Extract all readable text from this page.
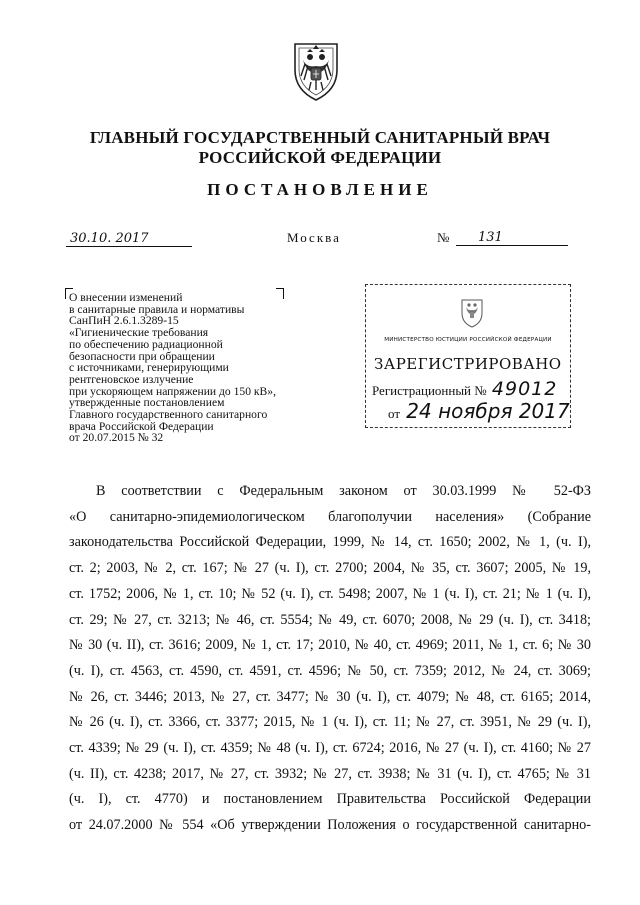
ГЛАВНЫЙ ГОСУДАРСТВЕННЫЙ САНИТАРНЫЙ ВРАЧ
РОССИЙСКОЙ ФЕДЕРАЦИИ
ПОСТАНОВЛЕНИЕ
30.10. 2017	Москва	№	131
О внесении изменений
в санитарные правила и нормативы
СанПиН 2.6.1.3289-15
«Гигиенические требования
по обеспечению радиационной
безопасности при обращении
с источниками, генерирующими
рентгеновское излучение
при ускоряющем напряжении до 150 кВ»,
утвержденные постановлением
Главного государственного санитарного
врача Российской Федерации
от 20.07.2015 № 32
МИНИСТЕРСТВО ЮСТИЦИИ РОССИЙСКОЙ ФЕДЕРАЦИИ
ЗАРЕГИСТРИРОВАНО
Регистрационный № 49012
от 24 ноября 2017
В соответствии с Федеральным законом от 30.03.1999 № 52-ФЗ
«О санитарно-эпидемиологическом благополучии населения» (Собрание
законодательства Российской Федерации, 1999, № 14, ст. 1650; 2002, № 1, (ч. I),
ст. 2; 2003, № 2, ст. 167; № 27 (ч. I), ст. 2700; 2004, № 35, ст. 3607; 2005, № 19,
ст. 1752; 2006, № 1, ст. 10; № 52 (ч. I), ст. 5498; 2007, № 1 (ч. I), ст. 21; № 1 (ч. I),
ст. 29; № 27, ст. 3213; № 46, ст. 5554; № 49, ст. 6070; 2008, № 29 (ч. I), ст. 3418;
№ 30 (ч. II), ст. 3616; 2009, № 1, ст. 17; 2010, № 40, ст. 4969; 2011, № 1, ст. 6; № 30
(ч. I), ст. 4563, ст. 4590, ст. 4591, ст. 4596; № 50, ст. 7359; 2012, № 24, ст. 3069;
№ 26, ст. 3446; 2013, № 27, ст. 3477; № 30 (ч. I), ст. 4079; № 48, ст. 6165; 2014,
№ 26 (ч. I), ст. 3366, ст. 3377; 2015, № 1 (ч. I), ст. 11; № 27, ст. 3951, № 29 (ч. I),
ст. 4339; № 29 (ч. I), ст. 4359; № 48 (ч. I), ст. 6724; 2016, № 27 (ч. I), ст. 4160; № 27
(ч. II), ст. 4238; 2017, № 27, ст. 3932; № 27, ст. 3938; № 31 (ч. I), ст. 4765; № 31
(ч. I), ст. 4770) и постановлением Правительства Российской Федерации
от 24.07.2000 № 554 «Об утверждении Положения о государственной санитарно-
